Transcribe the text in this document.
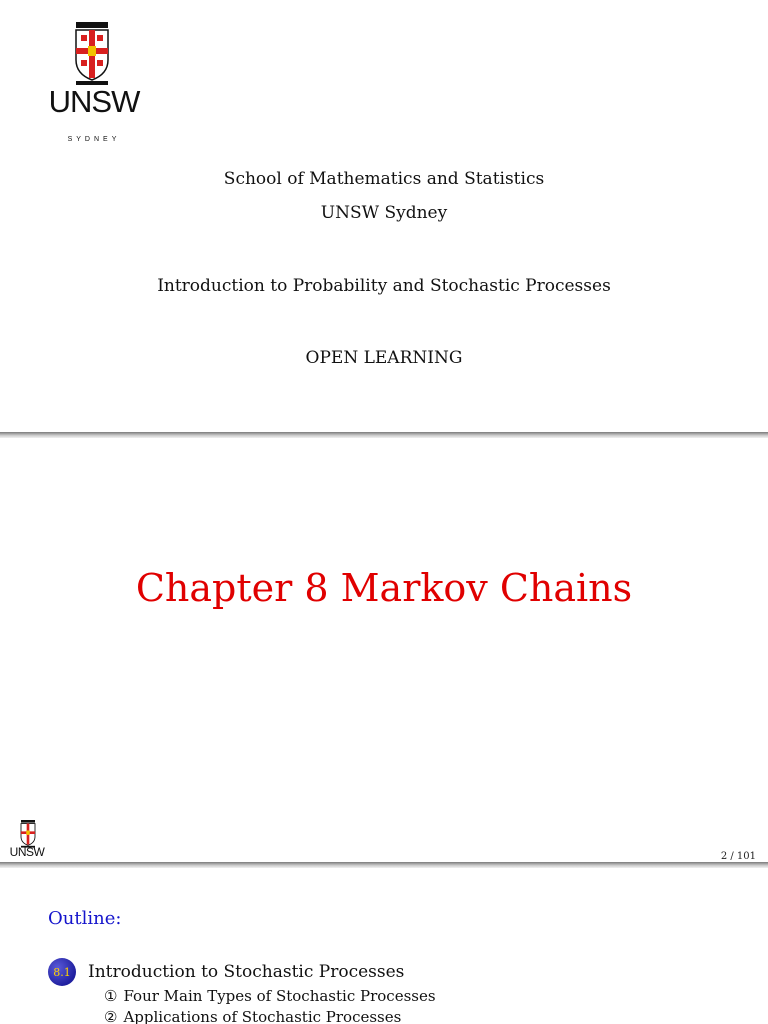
UNSW
SYDNEY
School of Mathematics and Statistics
UNSW Sydney
Introduction to Probability and Stochastic Processes
OPEN LEARNING
Chapter 8 Markov Chains
UNSW	2 / 101
Outline:
8.1	Introduction to Stochastic Processes
① Four Main Types of Stochastic Processes
② Applications of Stochastic Processes
